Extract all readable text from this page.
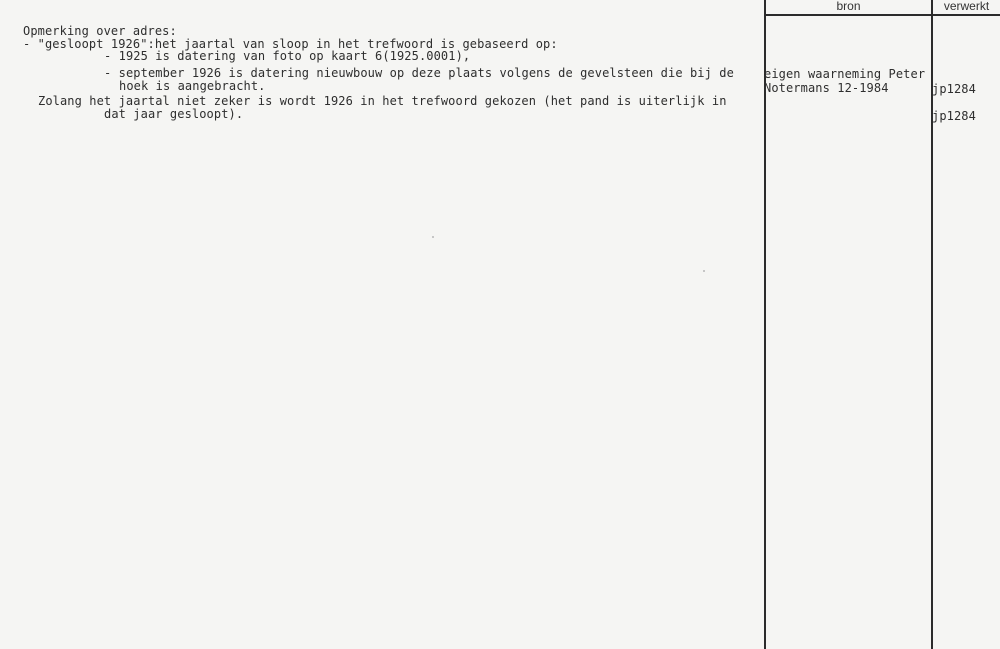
bron	verwerkt
Opmerking over adres:
- "gesloopt 1926":het jaartal van sloop in het trefwoord is gebaseerd op:
- 1925 is datering van foto op kaart 6(1925.0001),
- september 1926 is datering nieuwbouw op deze plaats volgens de gevelsteen die bij de
hoek is aangebracht.
Zolang het jaartal niet zeker is wordt 1926 in het trefwoord gekozen (het pand is uiterlijk in
dat jaar gesloopt).
eigen waarneming Peter
Notermans 12-1984	jp1284
jp1284
